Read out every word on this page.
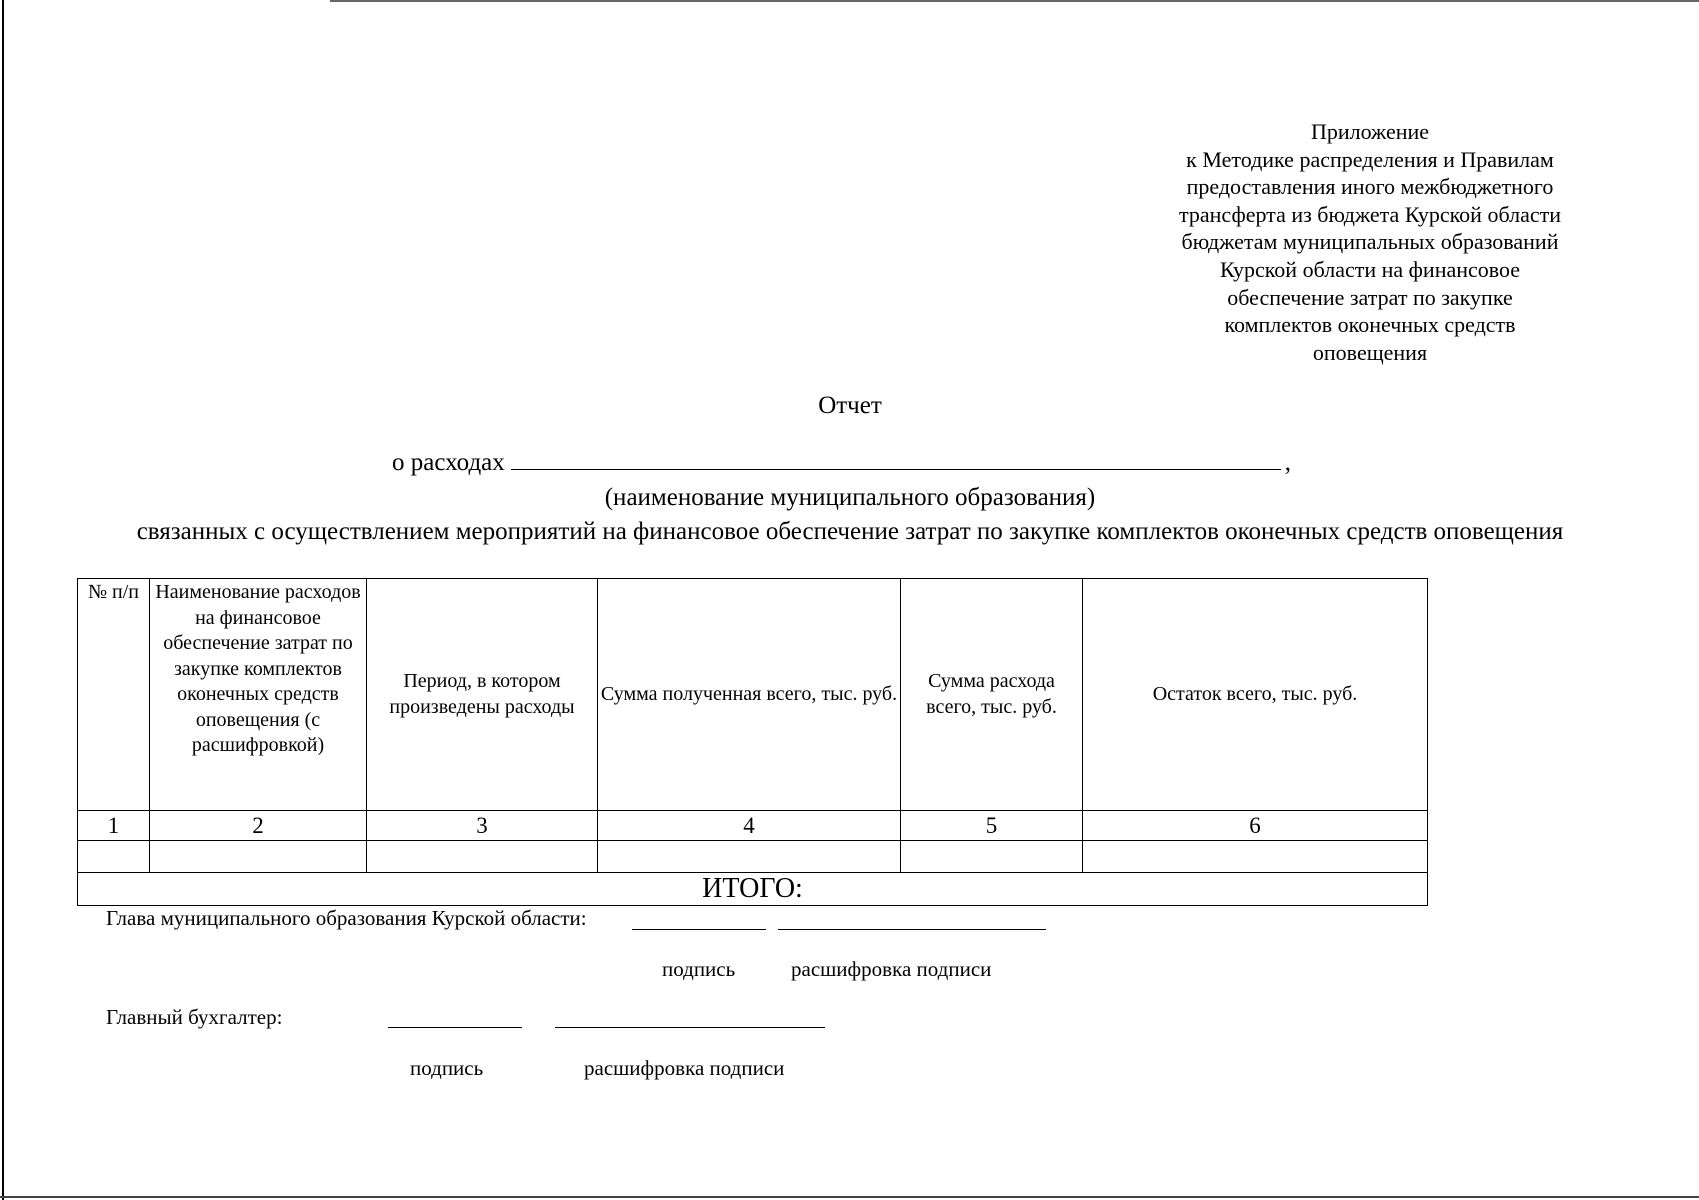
Приложение
к Методике распределения и Правилам
предоставления иного межбюджетного
трансферта из бюджета Курской области
бюджетам муниципальных образований
Курской области на финансовое
обеспечение затрат по закупке
комплектов оконечных средств
оповещения
Отчет
о расходах	,
(наименование муниципального образования)
связанных с осуществлением мероприятий на финансовое обеспечение затрат по закупке комплектов оконечных средств оповещения
№ п/п	Наименование расходов на финансовое обеспечение затрат по закупке комплектов оконечных средств оповещения (с расшифровкой)	Период, в котором произведены расходы	Сумма полученная всего, тыс. руб.	Сумма расхода всего, тыс. руб.	Остаток всего, тыс. руб.
1	2	3	4	5	6

ИТОГО:					
Глава муниципального образования Курской области:
подпись	расшифровка подписи
Главный бухгалтер:
подпись	расшифровка подписи
